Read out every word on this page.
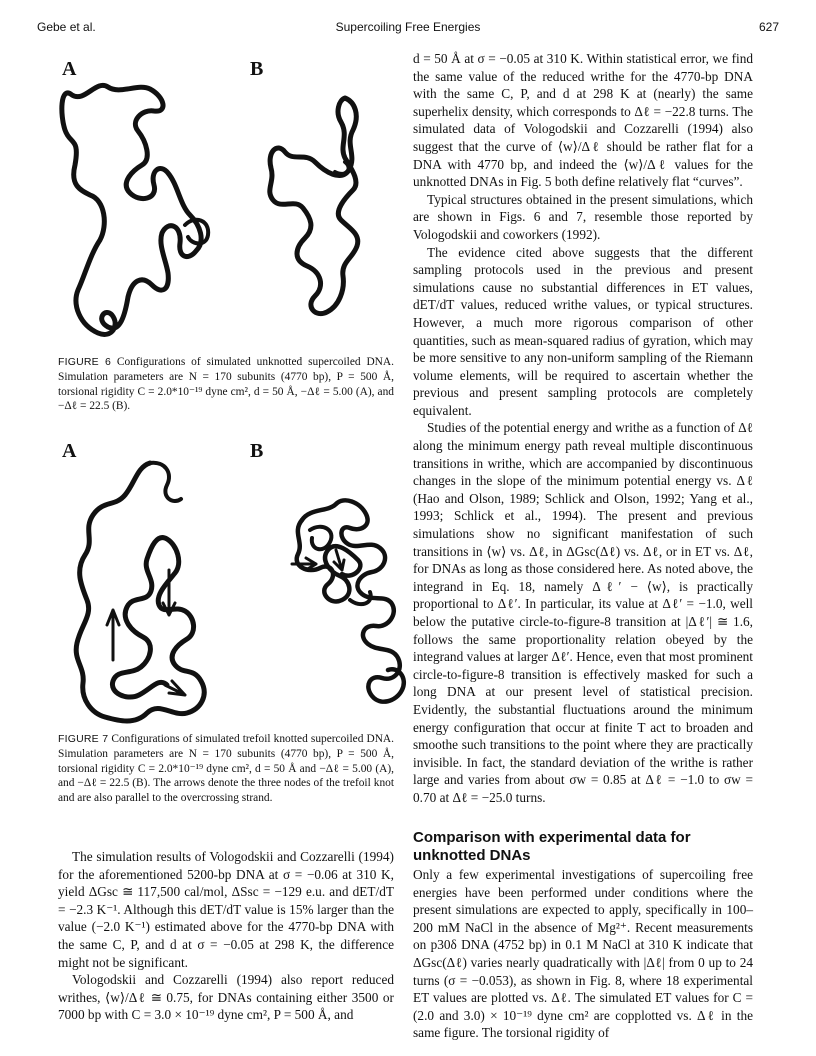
Gebe et al.	Supercoiling Free Energies	627
A	B
FIGURE 6 Configurations of simulated unknotted supercoiled DNA. Simulation parameters are N = 170 subunits (4770 bp), P = 500 Å, torsional rigidity C = 2.0*10⁻¹⁹ dyne cm², d = 50 Å, −Δℓ = 5.00 (A), and −Δℓ = 22.5 (B).
A	B
FIGURE 7 Configurations of simulated trefoil knotted supercoiled DNA. Simulation parameters are N = 170 subunits (4770 bp), P = 500 Å, torsional rigidity C = 2.0*10⁻¹⁹ dyne cm², d = 50 Å and −Δℓ = 5.00 (A), and −Δℓ = 22.5 (B). The arrows denote the three nodes of the trefoil knot and are also parallel to the overcrossing strand.

The simulation results of Vologodskii and Cozzarelli (1994) for the aforementioned 5200-bp DNA at σ = −0.06 at 310 K, yield ΔGsc ≅ 117,500 cal/mol, ΔSsc = −129 e.u. and dET/dT = −2.3 K⁻¹. Although this dET/dT value is 15% larger than the value (−2.0 K⁻¹) estimated above for the 4770-bp DNA with the same C, P, and d at σ = −0.05 at 298 K, the difference might not be significant.

Vologodskii and Cozzarelli (1994) also report reduced writhes, ⟨w⟩/Δℓ ≅ 0.75, for DNAs containing either 3500 or 7000 bp with C = 3.0 × 10⁻¹⁹ dyne cm², P = 500 Å, and

d = 50 Å at σ = −0.05 at 310 K. Within statistical error, we find the same value of the reduced writhe for the 4770-bp DNA with the same C, P, and d at 298 K at (nearly) the same superhelix density, which corresponds to Δℓ = −22.8 turns. The simulated data of Vologodskii and Cozzarelli (1994) also suggest that the curve of ⟨w⟩/Δℓ should be rather flat for a DNA with 4770 bp, and indeed the ⟨w⟩/Δℓ values for the unknotted DNAs in Fig. 5 both define relatively flat “curves”.

Typical structures obtained in the present simulations, which are shown in Figs. 6 and 7, resemble those reported by Vologodskii and coworkers (1992).

The evidence cited above suggests that the different sampling protocols used in the previous and present simulations cause no substantial differences in ET values, dET/dT values, reduced writhe values, or typical structures. However, a much more rigorous comparison of other quantities, such as mean-squared radius of gyration, which may be more sensitive to any non-uniform sampling of the Riemann volume elements, will be required to ascertain whether the previous and present sampling protocols are completely equivalent.

Studies of the potential energy and writhe as a function of Δℓ along the minimum energy path reveal multiple discontinuous transitions in writhe, which are accompanied by discontinuous changes in the slope of the minimum potential energy vs. Δℓ (Hao and Olson, 1989; Schlick and Olson, 1992; Yang et al., 1993; Schlick et al., 1994). The present and previous simulations show no significant manifestation of such transitions in ⟨w⟩ vs. Δℓ, in ΔGsc(Δℓ) vs. Δℓ, or in ET vs. Δℓ, for DNAs as long as those considered here. As noted above, the integrand in Eq. 18, namely Δℓ′ − ⟨w⟩, is practically proportional to Δℓ′. In particular, its value at Δℓ′ = −1.0, well below the putative circle-to-figure-8 transition at |Δℓ′| ≅ 1.6, follows the same proportionality relation obeyed by the integrand values at larger Δℓ′. Hence, even that most prominent circle-to-figure-8 transition is effectively masked for such a long DNA at our present level of statistical precision. Evidently, the substantial fluctuations around the minimum energy configuration that occur at finite T act to broaden and smoothe such transitions to the point where they are practically invisible. In fact, the standard deviation of the writhe is rather large and varies from about σw = 0.85 at Δℓ = −1.0 to σw = 0.70 at Δℓ = −25.0 turns.

Comparison with experimental data for unknotted DNAs

Only a few experimental investigations of supercoiling free energies have been performed under conditions where the present simulations are expected to apply, specifically in 100–200 mM NaCl in the absence of Mg²⁺. Recent measurements on p30δ DNA (4752 bp) in 0.1 M NaCl at 310 K indicate that ΔGsc(Δℓ) varies nearly quadratically with |Δℓ| from 0 up to 24 turns (σ = −0.053), as shown in Fig. 8, where 18 experimental ET values are plotted vs. Δℓ. The simulated ET values for C = (2.0 and 3.0) × 10⁻¹⁹ dyne cm² are copplotted vs. Δℓ in the same figure. The torsional rigidity of
